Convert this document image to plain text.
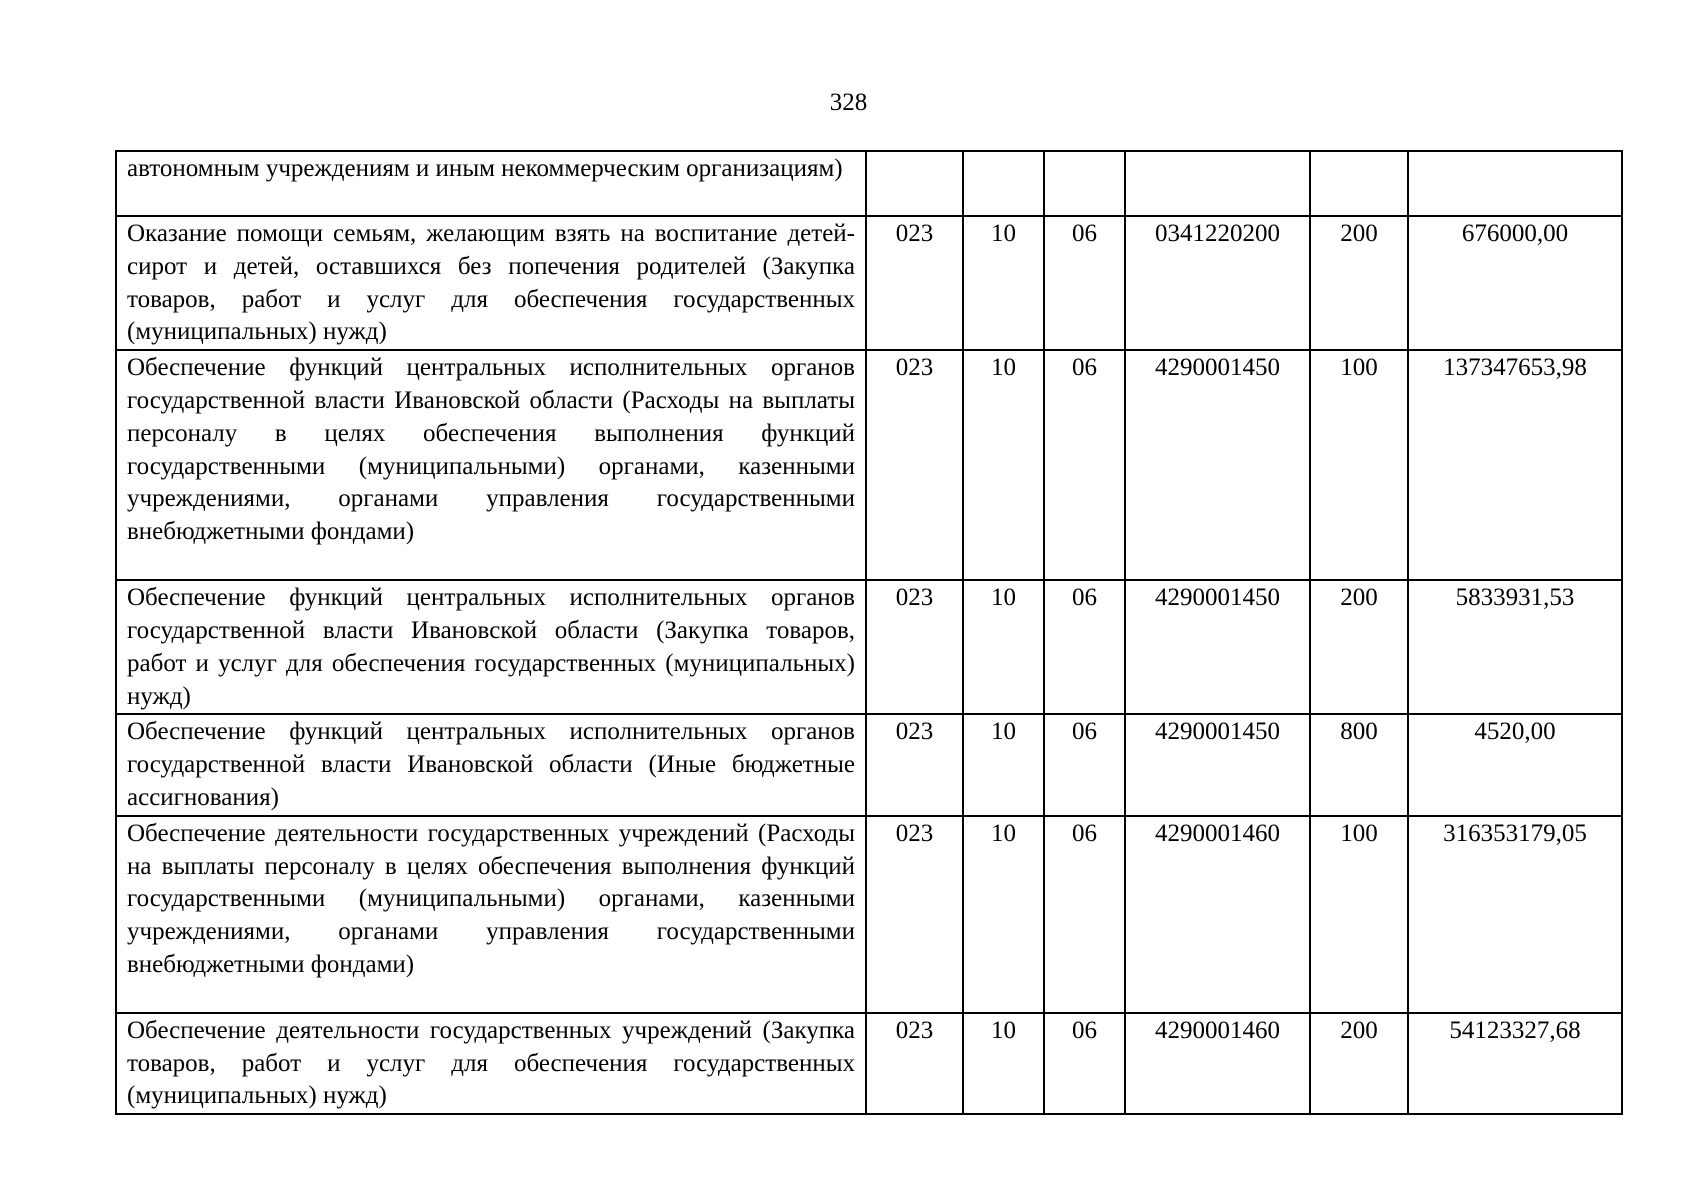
328
автономным учреждениям и иным некоммерческим организациям)						
Оказание помощи семьям, желающим взять на воспитание детей-сирот и детей, оставшихся без попечения родителей (Закупка товаров, работ и услуг для обеспечения государственных (муниципальных) нужд)	023	10	06	0341220200	200	676000,00
Обеспечение функций центральных исполнительных органов государственной власти Ивановской области (Расходы на выплаты персоналу в целях обеспечения выполнения функций государственными (муниципальными) органами, казенными учреждениями, органами управления государственными внебюджетными фондами)	023	10	06	4290001450	100	137347653,98
Обеспечение функций центральных исполнительных органов государственной власти Ивановской области (Закупка товаров, работ и услуг для обеспечения государственных (муниципальных) нужд)	023	10	06	4290001450	200	5833931,53
Обеспечение функций центральных исполнительных органов государственной власти Ивановской области (Иные бюджетные ассигнования)	023	10	06	4290001450	800	4520,00
Обеспечение деятельности государственных учреждений (Расходы на выплаты персоналу в целях обеспечения выполнения функций государственными (муниципальными) органами, казенными учреждениями, органами управления государственными внебюджетными фондами)	023	10	06	4290001460	100	316353179,05
Обеспечение деятельности государственных учреждений (Закупка товаров, работ и услуг для обеспечения государственных (муниципальных) нужд)	023	10	06	4290001460	200	54123327,68
